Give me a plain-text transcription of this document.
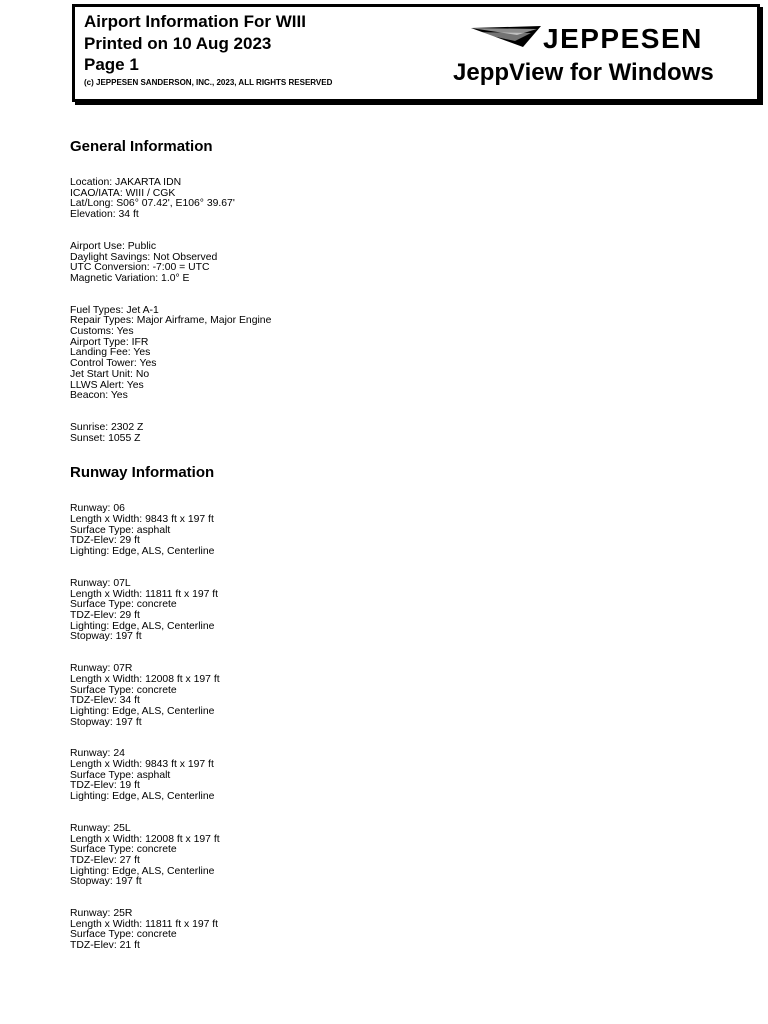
Airport Information For WIII
Printed on 10 Aug 2023
Page 1
(c) JEPPESEN SANDERSON, INC., 2023, ALL RIGHTS RESERVED
JEPPESEN
JeppView for Windows
General Information
Location: JAKARTA IDN
ICAO/IATA: WIII / CGK
Lat/Long: S06° 07.42', E106° 39.67'
Elevation: 34 ft
Airport Use: Public
Daylight Savings: Not Observed
UTC Conversion: -7:00 = UTC
Magnetic Variation: 1.0° E
Fuel Types: Jet A-1
Repair Types: Major Airframe, Major Engine
Customs: Yes
Airport Type: IFR
Landing Fee: Yes
Control Tower: Yes
Jet Start Unit: No
LLWS Alert: Yes
Beacon: Yes
Sunrise: 2302 Z
Sunset: 1055 Z
Runway Information
Runway: 06
Length x Width: 9843 ft x 197 ft
Surface Type: asphalt
TDZ-Elev: 29 ft
Lighting: Edge, ALS, Centerline
Runway: 07L
Length x Width: 11811 ft x 197 ft
Surface Type: concrete
TDZ-Elev: 29 ft
Lighting: Edge, ALS, Centerline
Stopway: 197 ft
Runway: 07R
Length x Width: 12008 ft x 197 ft
Surface Type: concrete
TDZ-Elev: 34 ft
Lighting: Edge, ALS, Centerline
Stopway: 197 ft
Runway: 24
Length x Width: 9843 ft x 197 ft
Surface Type: asphalt
TDZ-Elev: 19 ft
Lighting: Edge, ALS, Centerline
Runway: 25L
Length x Width: 12008 ft x 197 ft
Surface Type: concrete
TDZ-Elev: 27 ft
Lighting: Edge, ALS, Centerline
Stopway: 197 ft
Runway: 25R
Length x Width: 11811 ft x 197 ft
Surface Type: concrete
TDZ-Elev: 21 ft
